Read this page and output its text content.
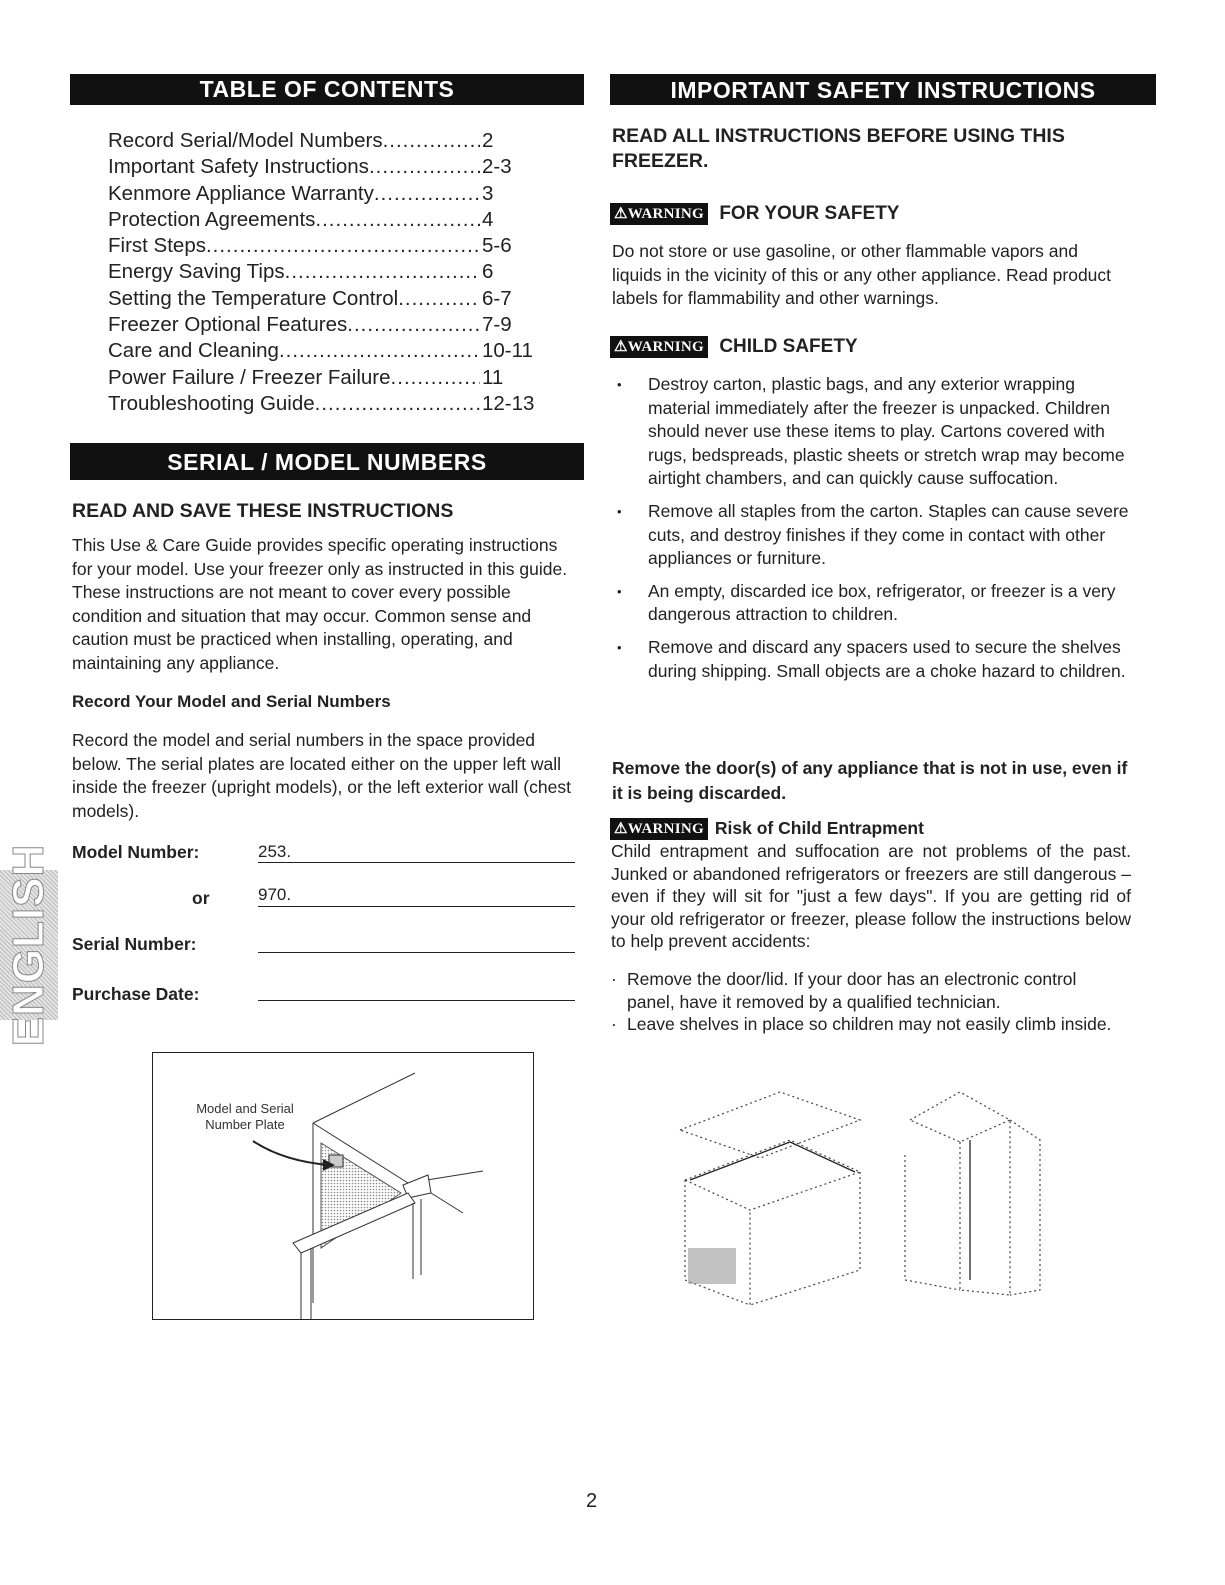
TABLE OF CONTENTS
Record Serial/Model Numbers .....	2
Important Safety Instructions .....	2-3
Kenmore Appliance Warranty .....	3
Protection Agreements .....	4
First Steps .....	5-6
Energy Saving Tips .....	6
Setting the Temperature Control .....	6-7
Freezer Optional Features .....	7-9
Care and Cleaning .....	10-11
Power Failure / Freezer Failure .....	11
Troubleshooting Guide .....	12-13
SERIAL / MODEL NUMBERS
READ AND SAVE THESE INSTRUCTIONS

This Use & Care Guide provides specific operating instructions for your model. Use your freezer only as instructed in this guide. These instructions are not meant to cover every possible condition and situation that may occur. Common sense and caution must be practiced when installing, operating, and maintaining any appliance.

Record Your Model and Serial Numbers

Record the model and serial numbers in the space provided below. The serial plates are located either on the upper left wall inside the freezer (upright models), or the left exterior wall (chest models).

Model Number:	253.
or	970.
Serial Number:
Purchase Date:
ENGLISH
Model and Serial Number Plate
IMPORTANT SAFETY INSTRUCTIONS
READ ALL INSTRUCTIONS BEFORE USING THIS FREEZER.
⚠WARNING FOR YOUR SAFETY

Do not store or use gasoline, or other flammable vapors and liquids in the vicinity of this or any other appliance. Read product labels for flammability and other warnings.

⚠WARNING CHILD SAFETY
• Destroy carton, plastic bags, and any exterior wrapping material immediately after the freezer is unpacked. Children should never use these items to play. Cartons covered with rugs, bedspreads, plastic sheets or stretch wrap may become airtight chambers, and can quickly cause suffocation.
• Remove all staples from the carton. Staples can cause severe cuts, and destroy finishes if they come in contact with other appliances or furniture.
• An empty, discarded ice box, refrigerator, or freezer is a very dangerous attraction to children.
• Remove and discard any spacers used to secure the shelves during shipping. Small objects are a choke hazard to children.
Remove the door(s) of any appliance that is not in use, even if it is being discarded.
⚠WARNING Risk of Child Entrapment

Child entrapment and suffocation are not problems of the past. Junked or abandoned refrigerators or freezers are still dangerous – even if they will sit for "just a few days". If you are getting rid of your old refrigerator or freezer, please follow the instructions below to help prevent accidents:

· Remove the door/lid. If your door has an electronic control panel, have it removed by a qualified technician.
· Leave shelves in place so children may not easily climb inside.
2
